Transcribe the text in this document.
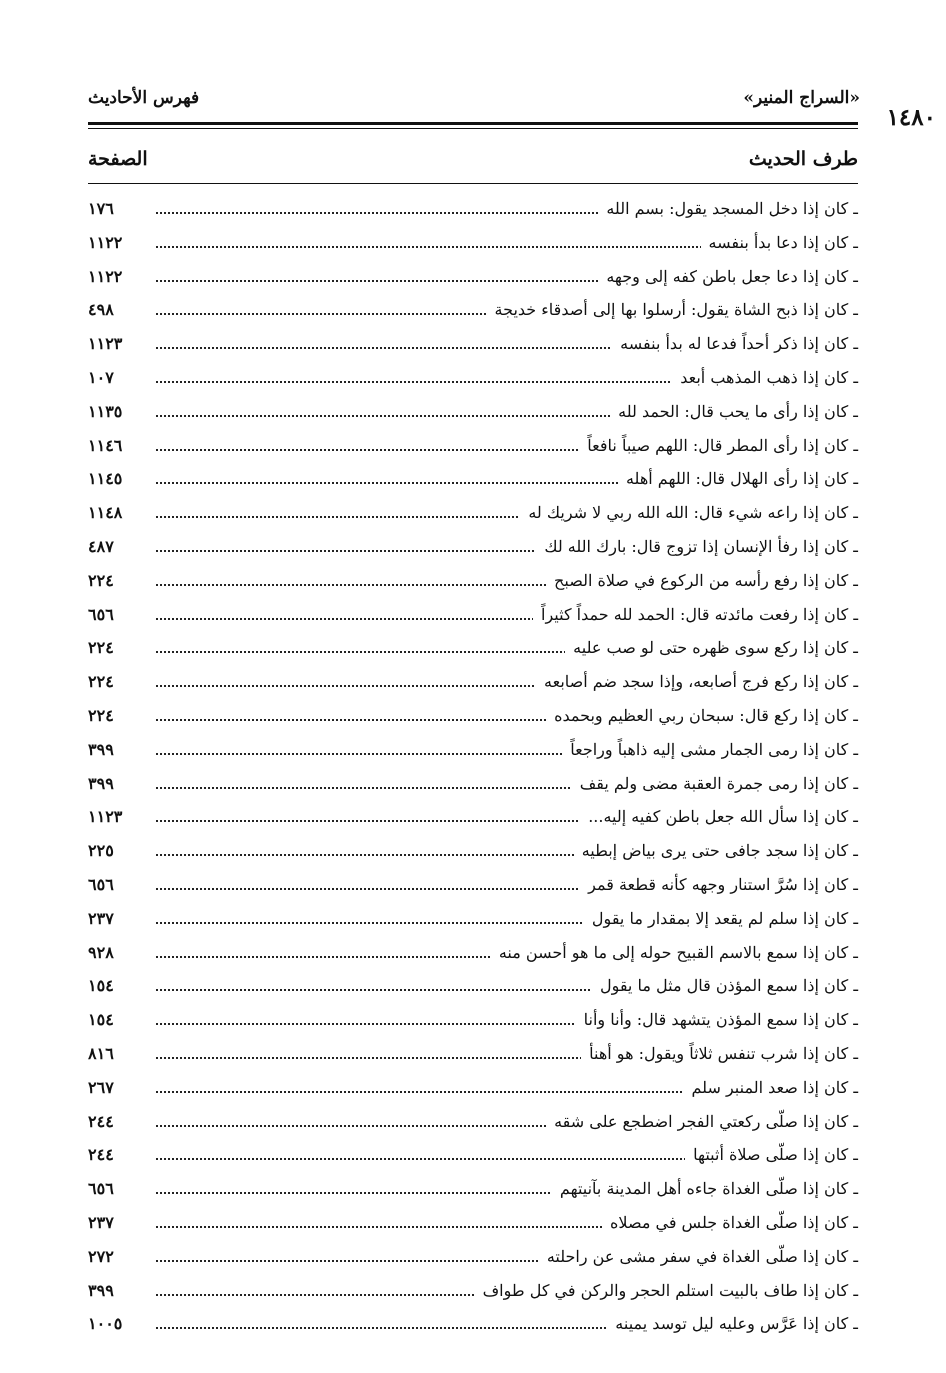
١٤٨٠
«السراج المنير»
فهرس الأحاديث
طرف الحديث
الصفحة
ـ كان إذا دخل المسجد يقول: بسم الله
١٧٦
ـ كان إذا دعا بدأ بنفسه
١١٢٢
ـ كان إذا دعا جعل باطن كفه إلى وجهه
١١٢٢
ـ كان إذا ذبح الشاة يقول: أرسلوا بها إلى أصدقاء خديجة
٤٩٨
ـ كان إذا ذكر أحداً فدعا له بدأ بنفسه
١١٢٣
ـ كان إذا ذهب المذهب أبعد
١٠٧
ـ كان إذا رأى ما يحب قال: الحمد لله
١١٣٥
ـ كان إذا رأى المطر قال: اللهم صيباً نافعاً
١١٤٦
ـ كان إذا رأى الهلال قال: اللهم أهله
١١٤٥
ـ كان إذا راعه شيء قال: الله الله ربي لا شريك له
١١٤٨
ـ كان إذا رفأ الإنسان إذا تزوج قال: بارك الله لك
٤٨٧
ـ كان إذا رفع رأسه من الركوع في صلاة الصبح
٢٢٤
ـ كان إذا رفعت مائدته قال: الحمد لله حمداً كثيراً
٦٥٦
ـ كان إذا ركع سوى ظهره حتى لو صب عليه
٢٢٤
ـ كان إذا ركع فرج أصابعه، وإذا سجد ضم أصابعه
٢٢٤
ـ كان إذا ركع قال: سبحان ربي العظيم وبحمده
٢٢٤
ـ كان إذا رمى الجمار مشى إليه ذاهباً وراجعاً
٣٩٩
ـ كان إذا رمى جمرة العقبة مضى ولم يقف
٣٩٩
ـ كان إذا سأل الله جعل باطن كفيه إليه...
١١٢٣
ـ كان إذا سجد جافى حتى يرى بياض إبطيه
٢٢٥
ـ كان إذا سُرَّ استنار وجهه كأنه قطعة قمر
٦٥٦
ـ كان إذا سلم لم يقعد إلا بمقدار ما يقول
٢٣٧
ـ كان إذا سمع بالاسم القبيح حوله إلى ما هو أحسن منه
٩٢٨
ـ كان إذا سمع المؤذن قال مثل ما يقول
١٥٤
ـ كان إذا سمع المؤذن يتشهد قال: وأنا وأنا
١٥٤
ـ كان إذا شرب تنفس ثلاثاً ويقول: هو أهنأ
٨١٦
ـ كان إذا صعد المنبر سلم
٢٦٧
ـ كان إذا صلّى ركعتي الفجر اضطجع على شقه
٢٤٤
ـ كان إذا صلّى صلاة أثبتها
٢٤٤
ـ كان إذا صلّى الغداة جاءه أهل المدينة بآنيتهم
٦٥٦
ـ كان إذا صلّى الغداة جلس في مصلاه
٢٣٧
ـ كان إذا صلّى الغداة في سفر مشى عن راحلته
٢٧٢
ـ كان إذا طاف بالبيت استلم الحجر والركن في كل طواف
٣٩٩
ـ كان إذا عَرَّس وعليه ليل توسد يمينه
١٠٠٥
